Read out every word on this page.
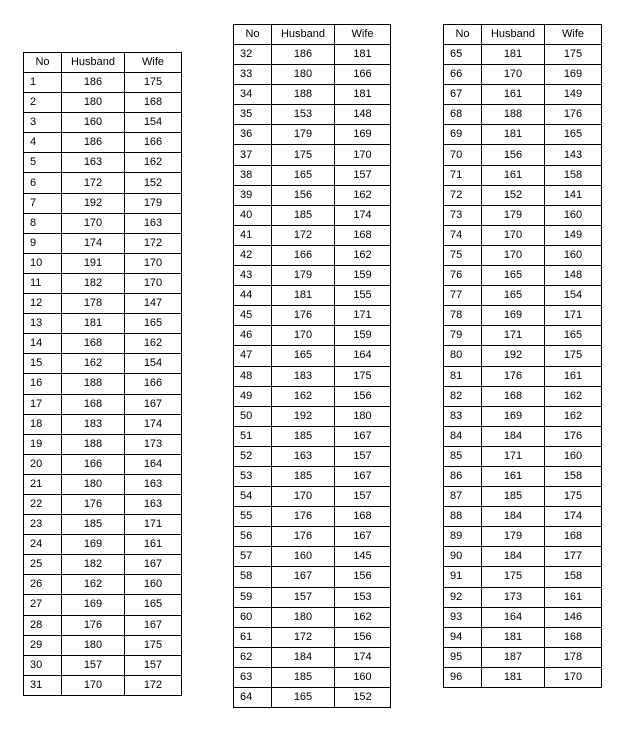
No	Husband	Wife
1	186	175
2	180	168
3	160	154
4	186	166
5	163	162
6	172	152
7	192	179
8	170	163
9	174	172
10	191	170
11	182	170
12	178	147
13	181	165
14	168	162
15	162	154
16	188	166
17	168	167
18	183	174
19	188	173
20	166	164
21	180	163
22	176	163
23	185	171
24	169	161
25	182	167
26	162	160
27	169	165
28	176	167
29	180	175
30	157	157
31	170	172
No	Husband	Wife
32	186	181
33	180	166
34	188	181
35	153	148
36	179	169
37	175	170
38	165	157
39	156	162
40	185	174
41	172	168
42	166	162
43	179	159
44	181	155
45	176	171
46	170	159
47	165	164
48	183	175
49	162	156
50	192	180
51	185	167
52	163	157
53	185	167
54	170	157
55	176	168
56	176	167
57	160	145
58	167	156
59	157	153
60	180	162
61	172	156
62	184	174
63	185	160
64	165	152
No	Husband	Wife
65	181	175
66	170	169
67	161	149
68	188	176
69	181	165
70	156	143
71	161	158
72	152	141
73	179	160
74	170	149
75	170	160
76	165	148
77	165	154
78	169	171
79	171	165
80	192	175
81	176	161
82	168	162
83	169	162
84	184	176
85	171	160
86	161	158
87	185	175
88	184	174
89	179	168
90	184	177
91	175	158
92	173	161
93	164	146
94	181	168
95	187	178
96	181	170
